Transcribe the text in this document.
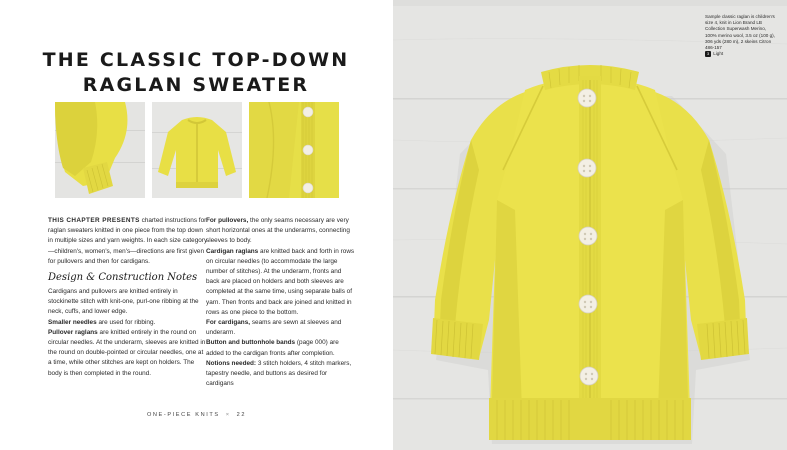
THE CLASSIC TOP-DOWN
RAGLAN SWEATER

THIS CHAPTER PRESENTS charted instructions for raglan sweaters knitted in one piece from the top down in multiple sizes and yarn weights. In each size category—children's, women's, men's—directions are first given for pullovers and then for cardigans.

Design & Construction Notes

Cardigans and pullovers are knitted entirely in stockinette stitch with knit-one, purl-one ribbing at the neck, cuffs, and lower edge.

Smaller needles are used for ribbing.

Pullover raglans are knitted entirely in the round on circular needles. At the underarm, sleeves are knitted in the round on double-pointed or circular needles, one at a time, while other stitches are kept on holders. The body is then completed in the round.

For pullovers, the only seams necessary are very short horizontal ones at the underarms, connecting sleeves to body.

Cardigan raglans are knitted back and forth in rows on circular needles (to accommodate the large number of stitches). At the underarm, fronts and back are placed on holders and both sleeves are completed at the same time, using separate balls of yarn. Then fronts and back are joined and knitted in rows as one piece to the bottom.

For cardigans, seams are sewn at sleeves and underarm.

Button and buttonhole bands (page 000) are added to the cardigan fronts after completion.

Notions needed: 3 stitch holders, 4 stitch markers, tapestry needle, and buttons as desired for cardigans

ONE-PIECE KNITS × 22
Sample classic raglan is children's size 4, knit in Lion Brand LB Collection Superwash Merino, 100% merino wool, 3.5 oz (100 g), 306 yds (280 m), 2 skeins Citron 486-157
3 Light
